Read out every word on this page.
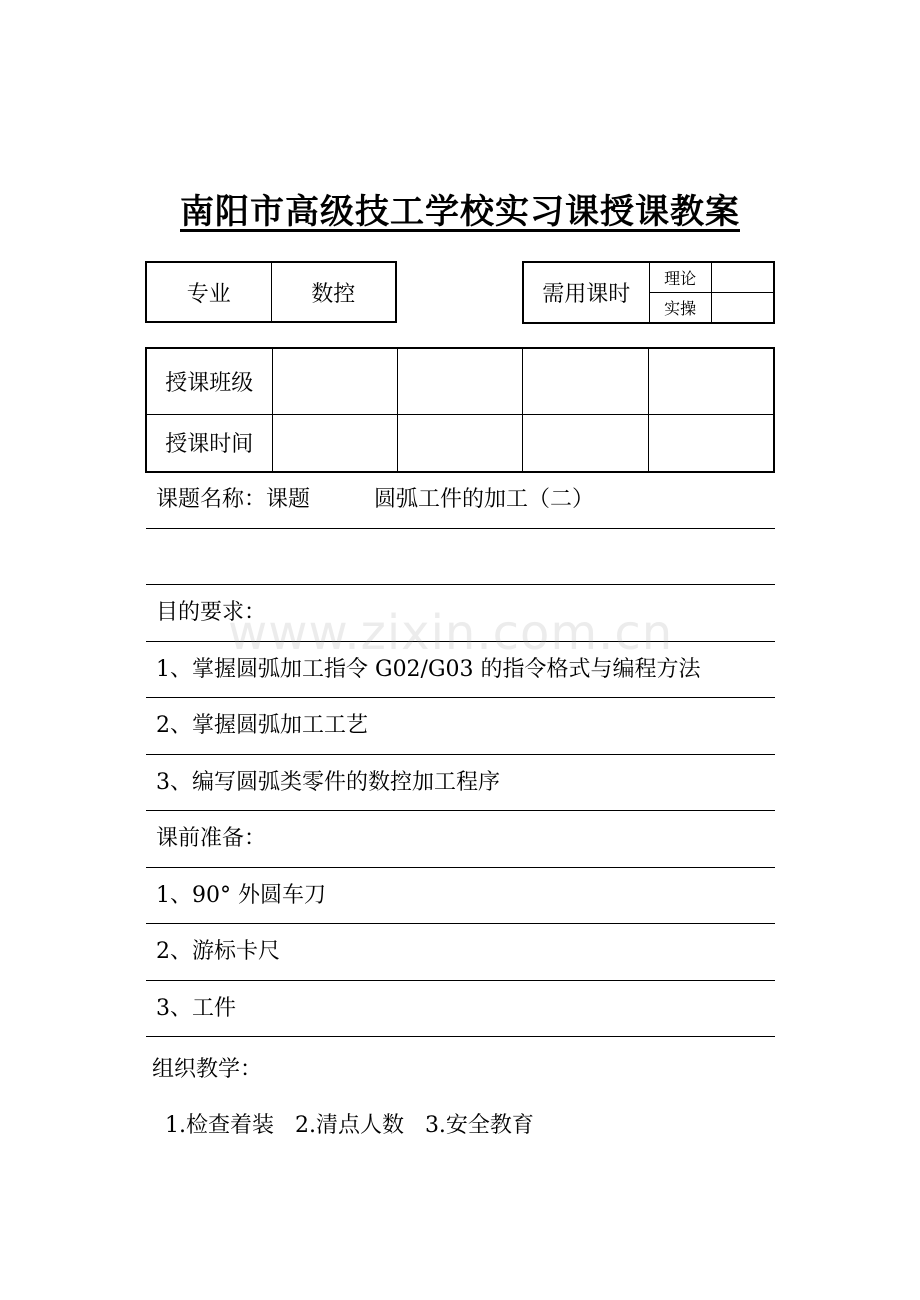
南阳市高级技工学校实习课授课教案
专业	数控	需用课时	理论	
	实操	
授课班级				
授课时间				
课题名称：课题	圆弧工件的加工（二）
目的要求：
1、掌握圆弧加工指令 G02/G03 的指令格式与编程方法
2、掌握圆弧加工工艺
3、编写圆弧类零件的数控加工程序
课前准备：
1、90° 外圆车刀
2、游标卡尺
3、工件
组织教学：
1.检查着装   2.清点人数   3.安全教育
www.zixin.com.cn
